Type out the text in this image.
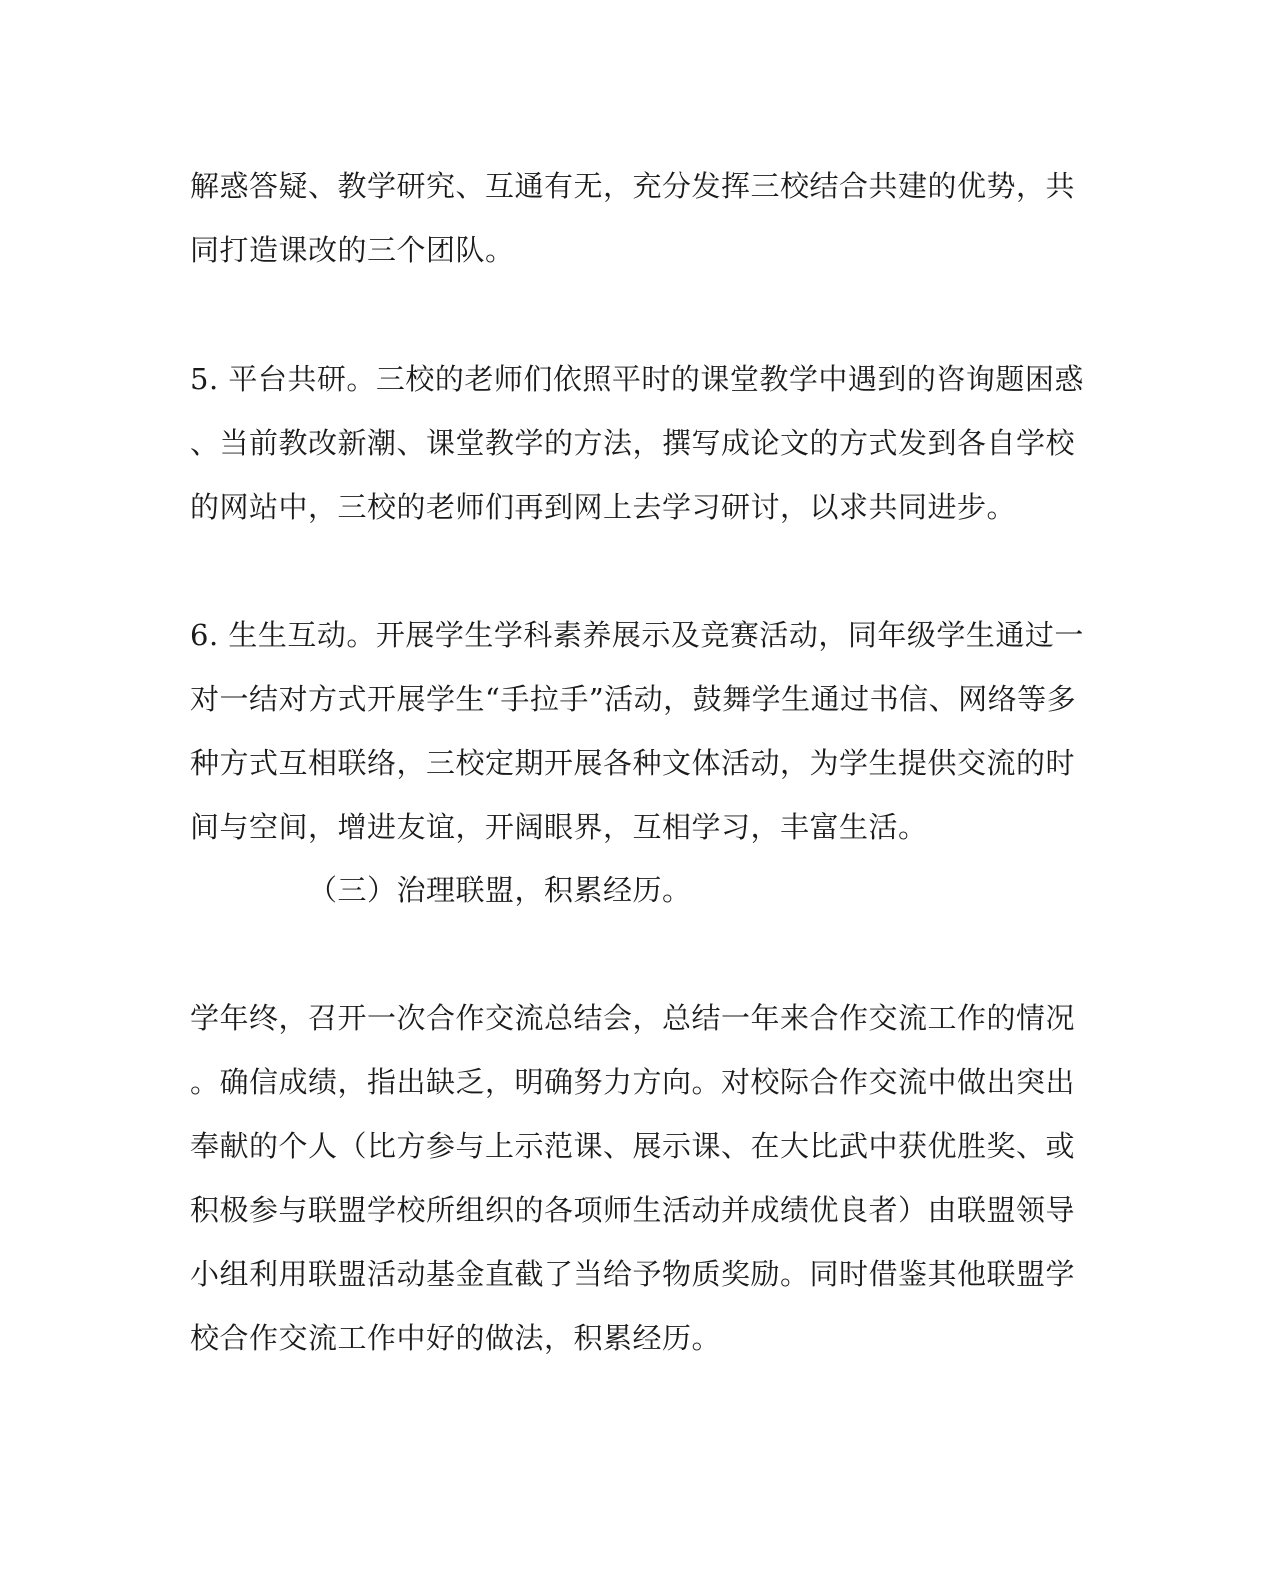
解惑答疑、教学研究、互通有无，充分发挥三校结合共建的优势，共
同打造课改的三个团队。
5. 平台共研。三校的老师们依照平时的课堂教学中遇到的咨询题困惑
、当前教改新潮、课堂教学的方法，撰写成论文的方式发到各自学校
的网站中，三校的老师们再到网上去学习研讨，以求共同进步。
6. 生生互动。开展学生学科素养展示及竞赛活动，同年级学生通过一
对一结对方式开展学生“手拉手”活动，鼓舞学生通过书信、网络等多
种方式互相联络，三校定期开展各种文体活动，为学生提供交流的时
间与空间，增进友谊，开阔眼界，互相学习，丰富生活。
（三）治理联盟，积累经历。
学年终，召开一次合作交流总结会，总结一年来合作交流工作的情况
。确信成绩，指出缺乏，明确努力方向。对校际合作交流中做出突出
奉献的个人（比方参与上示范课、展示课、在大比武中获优胜奖、或
积极参与联盟学校所组织的各项师生活动并成绩优良者）由联盟领导
小组利用联盟活动基金直截了当给予物质奖励。同时借鉴其他联盟学
校合作交流工作中好的做法，积累经历。
